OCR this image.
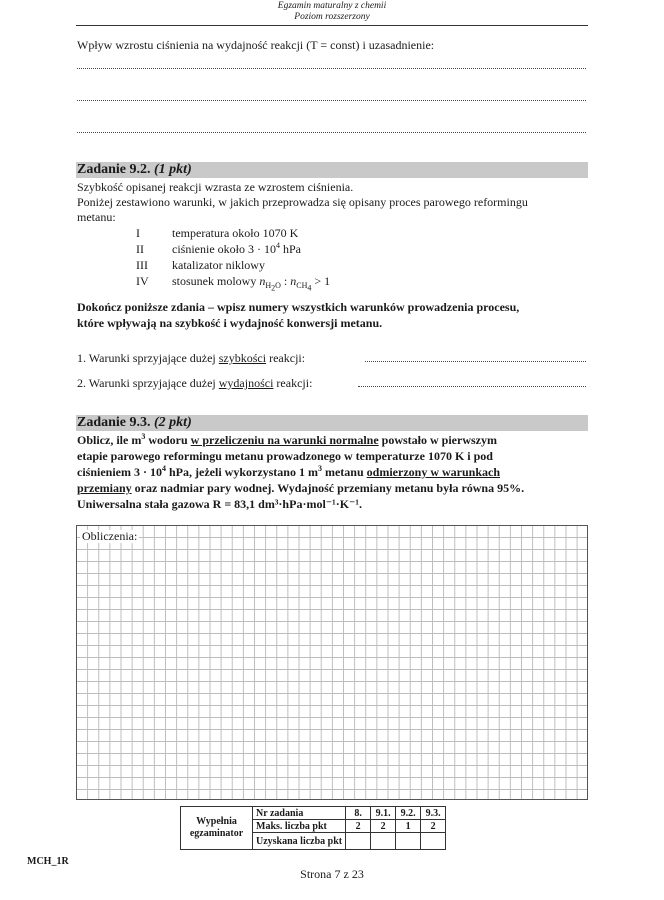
Egzamin maturalny z chemii
Poziom rozszerzony
Wpływ wzrostu ciśnienia na wydajność reakcji (T = const) i uzasadnienie:
Zadanie 9.2. (1 pkt)
Szybkość opisanej reakcji wzrasta ze wzrostem ciśnienia.
Poniżej zestawiono warunki, w jakich przeprowadza się opisany proces parowego reformingu
metanu:
I	temperatura około 1070 K
II ciśnienie około $3 \cdot 10^4$ hPa
III katalizator niklowy
IV stosunek molowy $n_{H_2O}$ : $n_{CH_4} > 1$
Dokończ poniższe zdania – wpisz numery wszystkich warunków prowadzenia procesu,
które wpływają na szybkość i wydajność konwersji metanu.
1. Warunki sprzyjające dużej szybkości reakcji:
2. Warunki sprzyjające dużej wydajności reakcji:
Zadanie 9.3. (2 pkt)
Oblicz, ile $m^3$ wodoru w przeliczeniu na warunki normalne powstało w pierwszym
etapie parowego reformingu metanu prowadzonego w temperaturze 1070 K i pod
ciśnieniem $3 \cdot 10^4$ hPa, jeżeli wykorzystano 1 $m^3$ metanu odmierzony w warunkach
przemiany oraz nadmiar pary wodnej. Wydajność przemiany metanu była równa 95%.
Uniwersalna stała gazowa R = 83,1 dm³·hPa·mol⁻¹·K⁻¹.
Obliczenia:
Wypełnia
egzaminator	Nr zadania	8.	9.1.	9.2.	9.3.
	Maks. liczba pkt	2	2	1	2
	Uzyskana liczba pkt				
MCH_1R
Strona 7 z 23
